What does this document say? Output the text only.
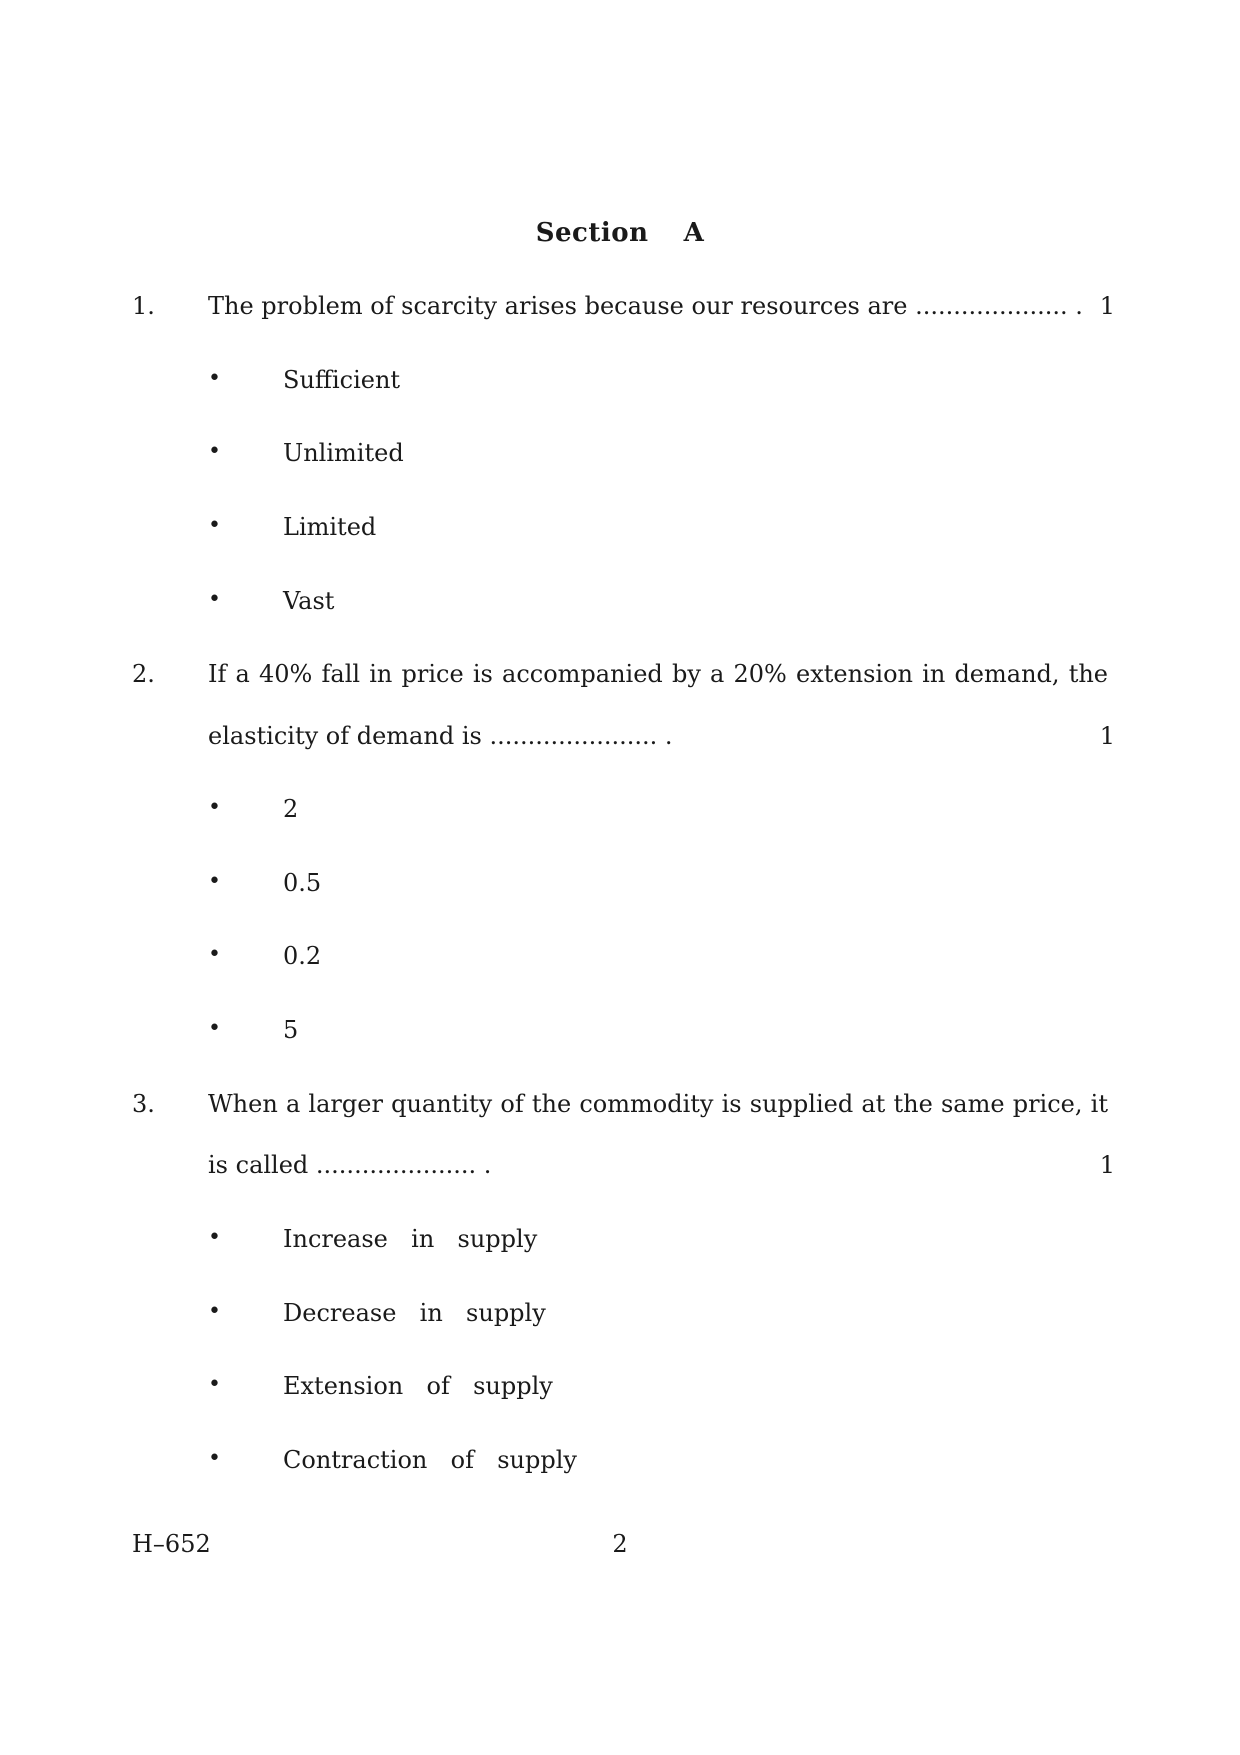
Section  A
1. The problem of scarcity arises because our resources are .................... . 1
•	Sufficient
•	Unlimited
•	Limited
•	Vast
2. If a 40% fall in price is accompanied by a 20% extension in demand, the
elasticity of demand is ...................... .	1
•	2
•	0.5
•	0.2
•	5
3. When a larger quantity of the commodity is supplied at the same price, it
is called ..................... .	1
•	Increase  in  supply
•	Decrease  in  supply
•	Extension  of  supply
•	Contraction  of  supply
H–652	2
